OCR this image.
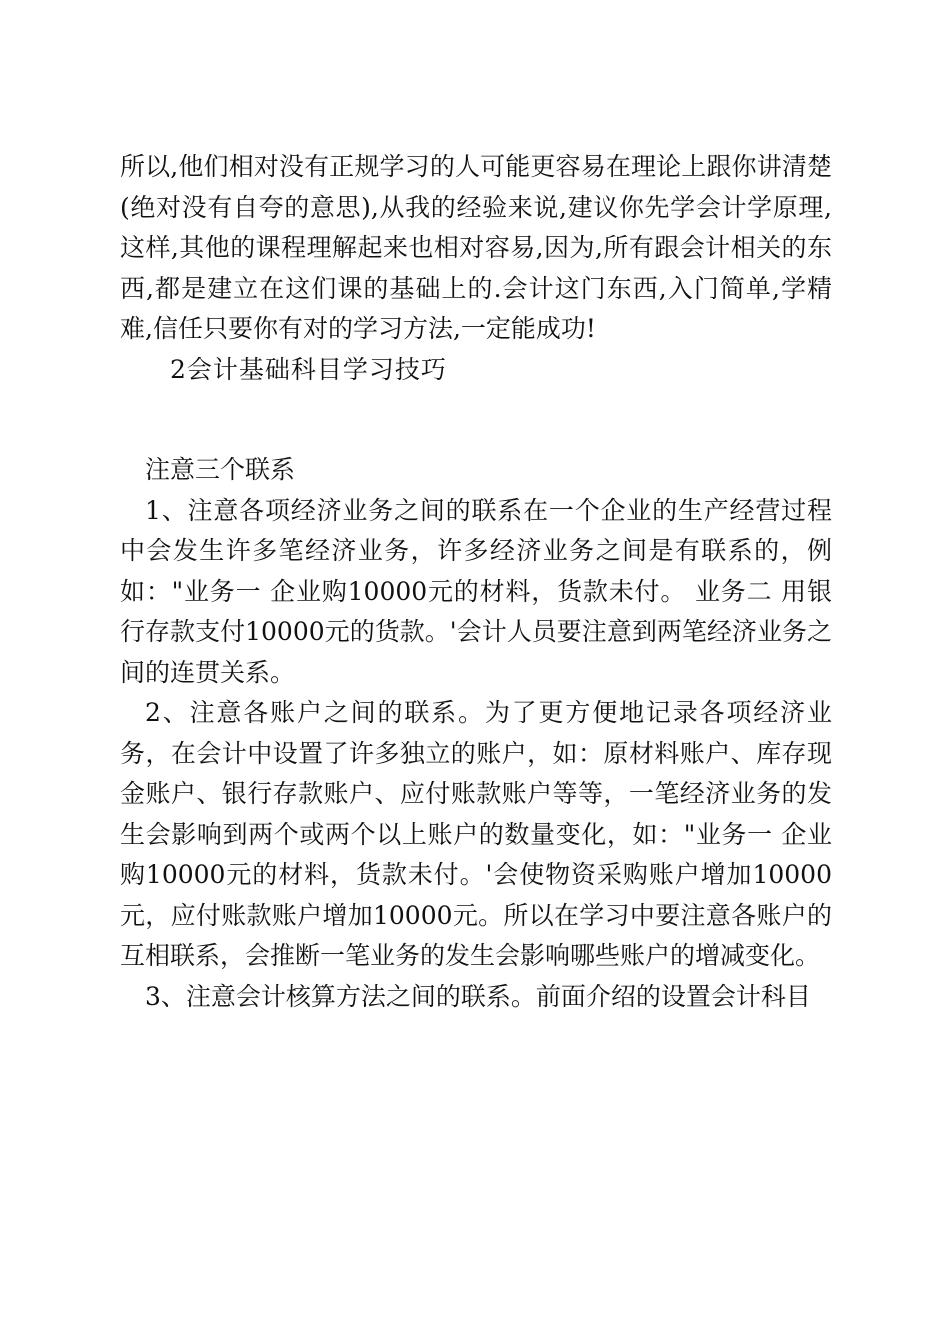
所以,他们相对没有正规学习的人可能更容易在理论上跟你讲清楚(绝对没有自夸的意思),从我的经验来说,建议你先学会计学原理,这样,其他的课程理解起来也相对容易,因为,所有跟会计相关的东西,都是建立在这们课的基础上的.会计这门东西,入门简单,学精难,信任只要你有对的学习方法,一定能成功!

2会计基础科目学习技巧

注意三个联系

1、注意各项经济业务之间的联系在一个企业的生产经营过程中会发生许多笔经济业务，许多经济业务之间是有联系的，例如："业务一 企业购10000元的材料，货款未付。 业务二 用银行存款支付10000元的货款。'会计人员要注意到两笔经济业务之间的连贯关系。

2、注意各账户之间的联系。为了更方便地记录各项经济业务，在会计中设置了许多独立的账户，如：原材料账户、库存现金账户、银行存款账户、应付账款账户等等，一笔经济业务的发生会影响到两个或两个以上账户的数量变化，如："业务一 企业购10000元的材料，货款未付。'会使物资采购账户增加10000元，应付账款账户增加10000元。所以在学习中要注意各账户的互相联系，会推断一笔业务的发生会影响哪些账户的增减变化。

3、注意会计核算方法之间的联系。前面介绍的设置会计科目
